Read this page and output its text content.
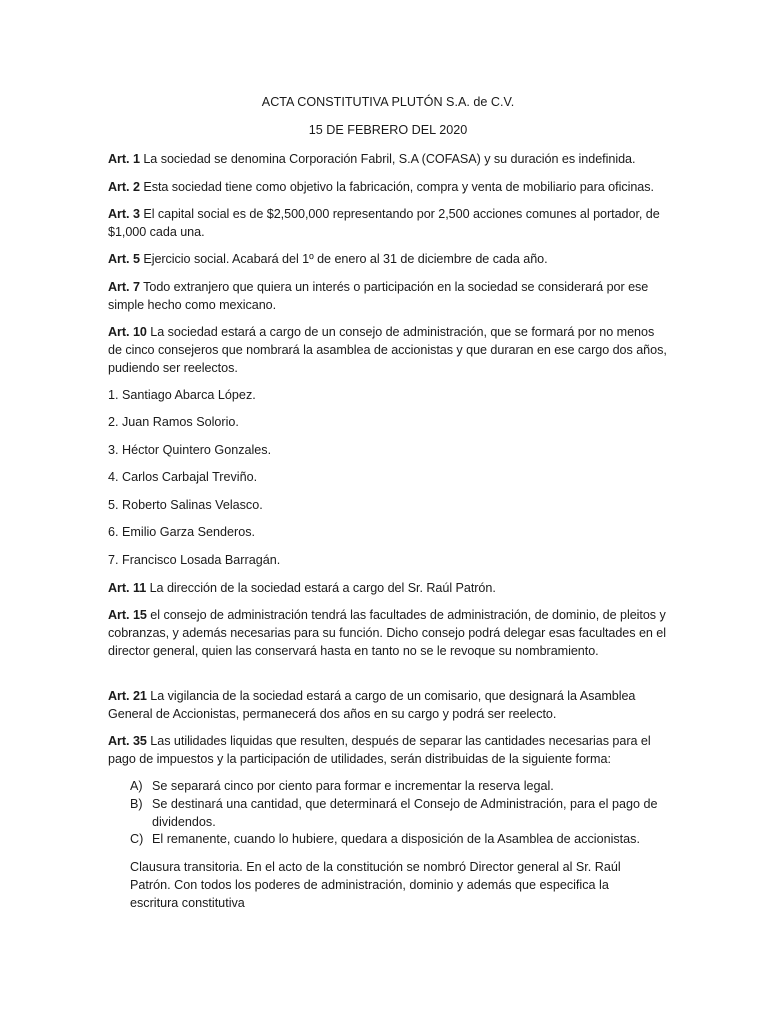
ACTA CONSTITUTIVA PLUTÓN S.A. de C.V.
15 DE FEBRERO DEL 2020
Art. 1 La sociedad se denomina Corporación Fabril, S.A (COFASA) y su duración es indefinida.
Art. 2 Esta sociedad tiene como objetivo la fabricación, compra y venta de mobiliario para oficinas.
Art. 3 El capital social es de $2,500,000 representando por 2,500 acciones comunes al portador, de $1,000 cada una.
Art. 5 Ejercicio social. Acabará del 1º de enero al 31 de diciembre de cada año.
Art. 7 Todo extranjero que quiera un interés o participación en la sociedad se considerará por ese simple hecho como mexicano.
Art. 10 La sociedad estará a cargo de un consejo de administración, que se formará por no menos de cinco consejeros que nombrará la asamblea de accionistas y que duraran en ese cargo dos años, pudiendo ser reelectos.
1. Santiago Abarca López.
2. Juan Ramos Solorio.
3. Héctor Quintero Gonzales.
4. Carlos Carbajal Treviño.
5. Roberto Salinas Velasco.
6. Emilio Garza Senderos.
7. Francisco Losada Barragán.
Art. 11 La dirección de la sociedad estará a cargo del Sr. Raúl Patrón.
Art. 15 el consejo de administración tendrá las facultades de administración, de dominio, de pleitos y cobranzas, y además necesarias para su función. Dicho consejo podrá delegar esas facultades en el director general, quien las conservará hasta en tanto no se le revoque su nombramiento.
Art. 21 La vigilancia de la sociedad estará a cargo de un comisario, que designará la Asamblea General de Accionistas, permanecerá dos años en su cargo y podrá ser reelecto.
Art. 35 Las utilidades liquidas que resulten, después de separar las cantidades necesarias para el pago de impuestos y la participación de utilidades, serán distribuidas de la siguiente forma:
A) Se separará cinco por ciento para formar e incrementar la reserva legal.
B) Se destinará una cantidad, que determinará el Consejo de Administración, para el pago de dividendos.
C) El remanente, cuando lo hubiere, quedara a disposición de la Asamblea de accionistas.
Clausura transitoria. En el acto de la constitución se nombró Director general al Sr. Raúl Patrón. Con todos los poderes de administración, dominio y además que especifica la escritura constitutiva
